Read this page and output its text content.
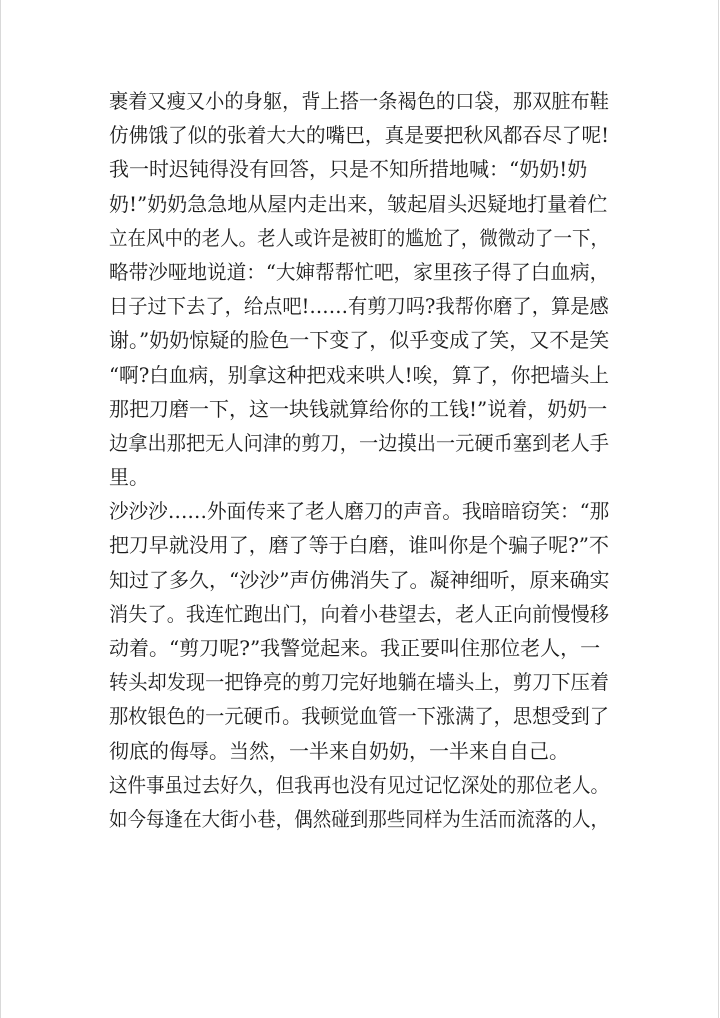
裹着又瘦又小的身躯，背上搭一条褐色的口袋，那双脏布鞋
仿佛饿了似的张着大大的嘴巴，真是要把秋风都吞尽了呢!
我一时迟钝得没有回答，只是不知所措地喊：“奶奶!奶
奶!”奶奶急急地从屋内走出来，皱起眉头迟疑地打量着伫
立在风中的老人。老人或许是被盯的尴尬了，微微动了一下，
略带沙哑地说道：“大婶帮帮忙吧，家里孩子得了白血病，
日子过下去了，给点吧!……有剪刀吗?我帮你磨了，算是感
谢。”奶奶惊疑的脸色一下变了，似乎变成了笑，又不是笑
“啊?白血病，别拿这种把戏来哄人!唉，算了，你把墙头上
那把刀磨一下，这一块钱就算给你的工钱!”说着，奶奶一
边拿出那把无人问津的剪刀，一边摸出一元硬币塞到老人手
里。
沙沙沙……外面传来了老人磨刀的声音。我暗暗窃笑：“那
把刀早就没用了，磨了等于白磨，谁叫你是个骗子呢?”不
知过了多久，“沙沙”声仿佛消失了。凝神细听，原来确实
消失了。我连忙跑出门，向着小巷望去，老人正向前慢慢移
动着。“剪刀呢?”我警觉起来。我正要叫住那位老人，一
转头却发现一把铮亮的剪刀完好地躺在墙头上，剪刀下压着
那枚银色的一元硬币。我顿觉血管一下涨满了，思想受到了
彻底的侮辱。当然，一半来自奶奶，一半来自自己。
这件事虽过去好久，但我再也没有见过记忆深处的那位老人。
如今每逢在大街小巷，偶然碰到那些同样为生活而流落的人，
